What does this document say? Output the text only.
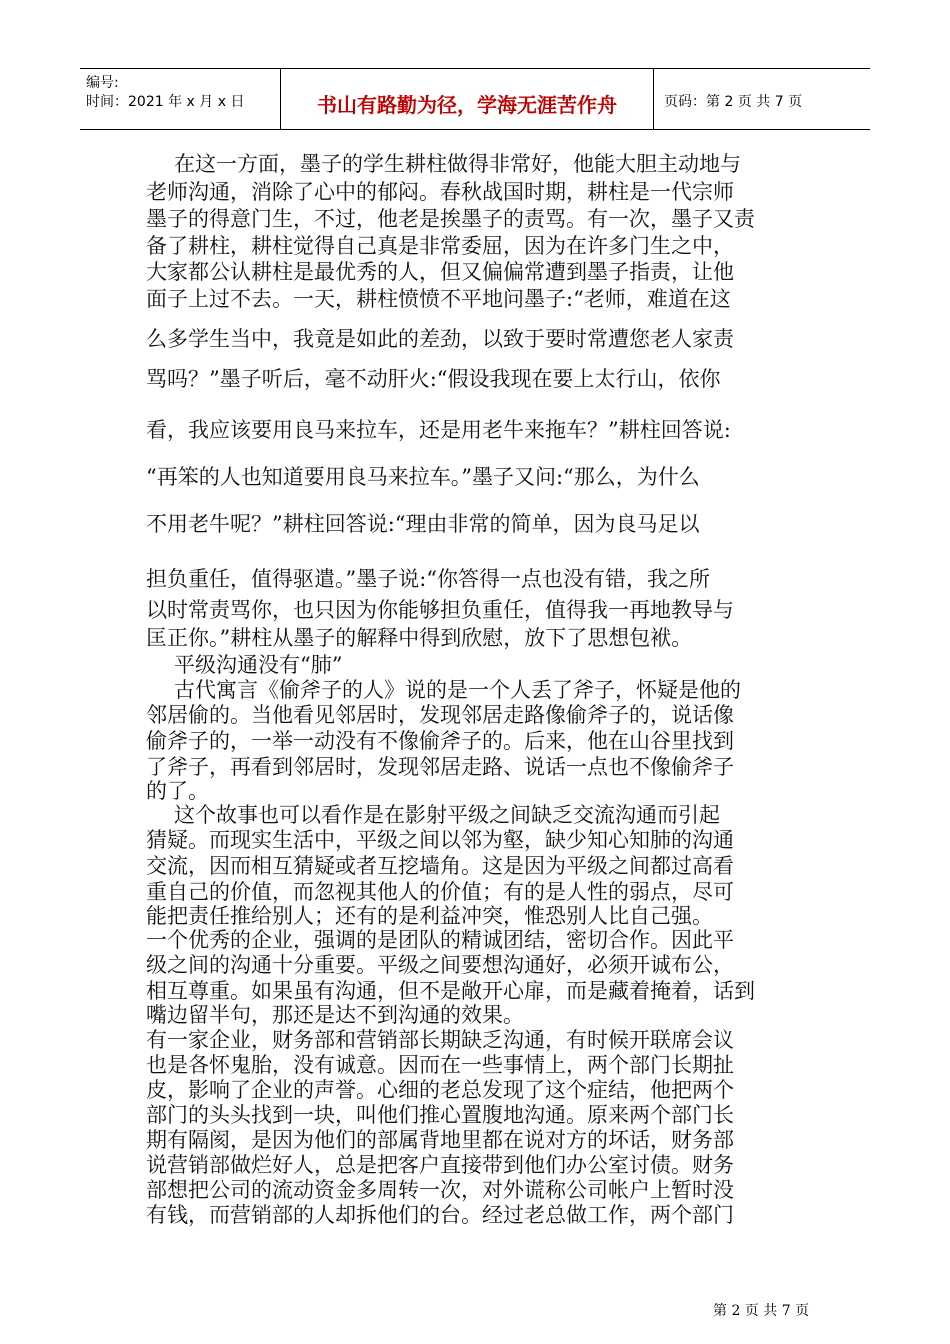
编号:
时间：2021 年 x 月 x 日	书山有路勤为径，学海无涯苦作舟	页码：第 2 页 共 7 页
在这一方面，墨子的学生耕柱做得非常好，他能大胆主动地与
老师沟通，消除了心中的郁闷。春秋战国时期，耕柱是一代宗师
墨子的得意门生，不过，他老是挨墨子的责骂。有一次，墨子又责
备了耕柱，耕柱觉得自己真是非常委屈，因为在许多门生之中，
大家都公认耕柱是最优秀的人，但又偏偏常遭到墨子指责，让他
面子上过不去。一天，耕柱愤愤不平地问墨子:“老师，难道在这
么多学生当中，我竟是如此的差劲，以致于要时常遭您老人家责
骂吗？”墨子听后，毫不动肝火:“假设我现在要上太行山，依你
看，我应该要用良马来拉车，还是用老牛来拖车？”耕柱回答说:
“再笨的人也知道要用良马来拉车。”墨子又问:“那么，为什么
不用老牛呢？”耕柱回答说:“理由非常的简单，因为良马足以
担负重任，值得驱遣。”墨子说:“你答得一点也没有错，我之所
以时常责骂你，也只因为你能够担负重任，值得我一再地教导与
匡正你。”耕柱从墨子的解释中得到欣慰，放下了思想包袱。
平级沟通没有“肺”
古代寓言《偷斧子的人》说的是一个人丢了斧子，怀疑是他的
邻居偷的。当他看见邻居时，发现邻居走路像偷斧子的，说话像
偷斧子的，一举一动没有不像偷斧子的。后来，他在山谷里找到
了斧子，再看到邻居时，发现邻居走路、说话一点也不像偷斧子
的了。
这个故事也可以看作是在影射平级之间缺乏交流沟通而引起
猜疑。而现实生活中，平级之间以邻为壑，缺少知心知肺的沟通
交流，因而相互猜疑或者互挖墙角。这是因为平级之间都过高看
重自己的价值，而忽视其他人的价值；有的是人性的弱点，尽可
能把责任推给别人；还有的是利益冲突，惟恐别人比自己强。
一个优秀的企业，强调的是团队的精诚团结，密切合作。因此平
级之间的沟通十分重要。平级之间要想沟通好，必须开诚布公，
相互尊重。如果虽有沟通，但不是敞开心扉，而是藏着掩着，话到
嘴边留半句，那还是达不到沟通的效果。
有一家企业，财务部和营销部长期缺乏沟通，有时候开联席会议
也是各怀鬼胎，没有诚意。因而在一些事情上，两个部门长期扯
皮，影响了企业的声誉。心细的老总发现了这个症结，他把两个
部门的头头找到一块，叫他们推心置腹地沟通。原来两个部门长
期有隔阂，是因为他们的部属背地里都在说对方的坏话，财务部
说营销部做烂好人，总是把客户直接带到他们办公室讨债。财务
部想把公司的流动资金多周转一次，对外谎称公司帐户上暂时没
有钱，而营销部的人却拆他们的台。经过老总做工作，两个部门
第 2 页 共 7 页
